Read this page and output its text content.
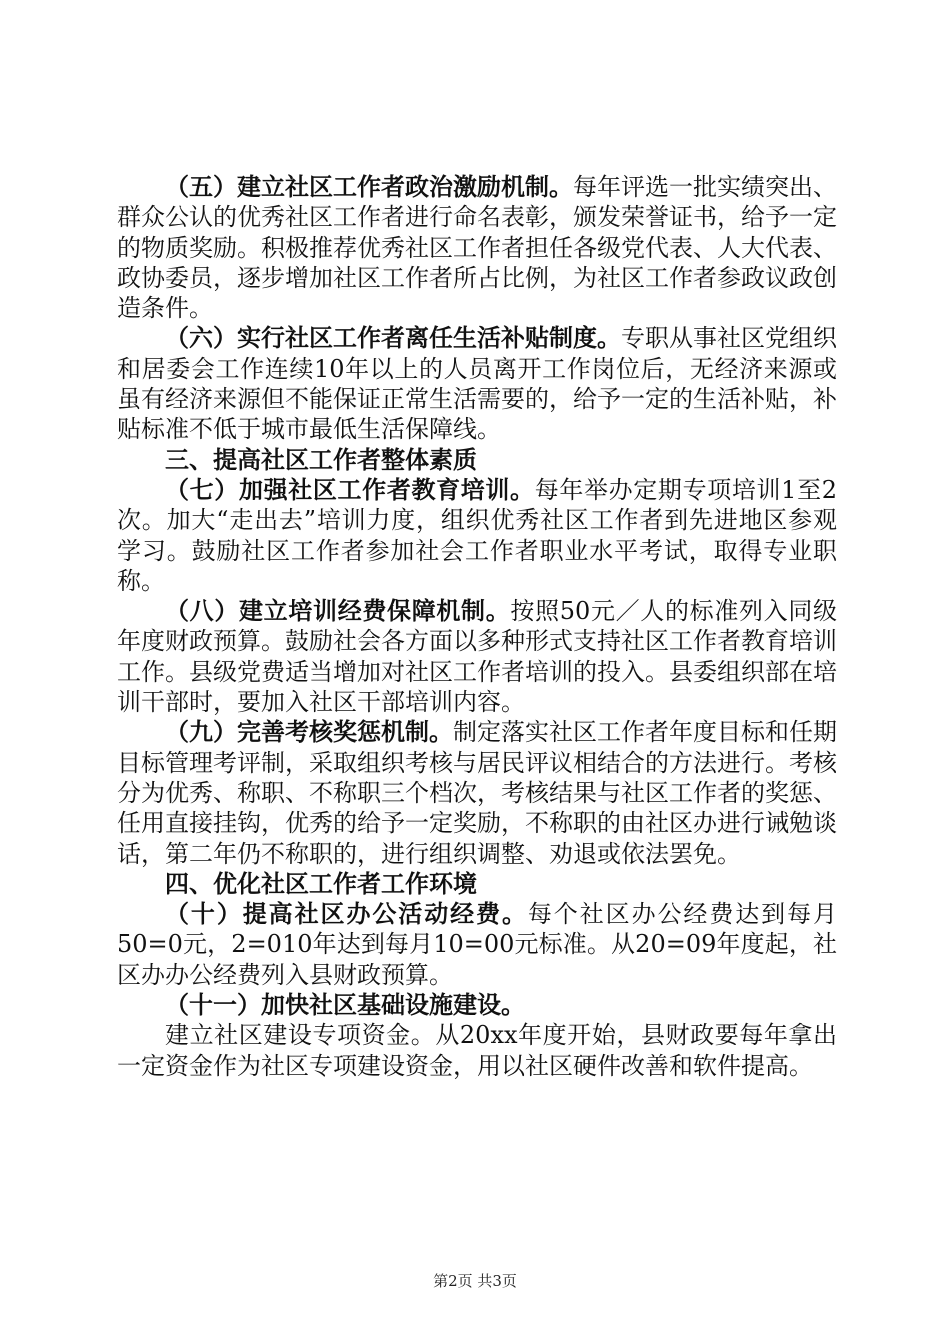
（五）建立社区工作者政治激励机制。每年评选一批实绩突出、群众公认的优秀社区工作者进行命名表彰，颁发荣誉证书，给予一定的物质奖励。积极推荐优秀社区工作者担任各级党代表、人大代表、政协委员，逐步增加社区工作者所占比例，为社区工作者参政议政创造条件。

（六）实行社区工作者离任生活补贴制度。专职从事社区党组织和居委会工作连续10年以上的人员离开工作岗位后，无经济来源或虽有经济来源但不能保证正常生活需要的，给予一定的生活补贴，补贴标准不低于城市最低生活保障线。

三、提高社区工作者整体素质

（七）加强社区工作者教育培训。每年举办定期专项培训1至2次。加大“走出去”培训力度，组织优秀社区工作者到先进地区参观学习。鼓励社区工作者参加社会工作者职业水平考试，取得专业职称。

（八）建立培训经费保障机制。按照50元／人的标准列入同级年度财政预算。鼓励社会各方面以多种形式支持社区工作者教育培训工作。县级党费适当增加对社区工作者培训的投入。县委组织部在培训干部时，要加入社区干部培训内容。

（九）完善考核奖惩机制。制定落实社区工作者年度目标和任期目标管理考评制，采取组织考核与居民评议相结合的方法进行。考核分为优秀、称职、不称职三个档次，考核结果与社区工作者的奖惩、任用直接挂钩，优秀的给予一定奖励，不称职的由社区办进行诫勉谈话，第二年仍不称职的，进行组织调整、劝退或依法罢免。

四、优化社区工作者工作环境

（十）提高社区办公活动经费。每个社区办公经费达到每月50=0元，2=010年达到每月10=00元标准。从20=09年度起，社区办办公经费列入县财政预算。

（十一）加快社区基础设施建设。

建立社区建设专项资金。从20xx年度开始，县财政要每年拿出一定资金作为社区专项建设资金，用以社区硬件改善和软件提高。

第2页 共3页
